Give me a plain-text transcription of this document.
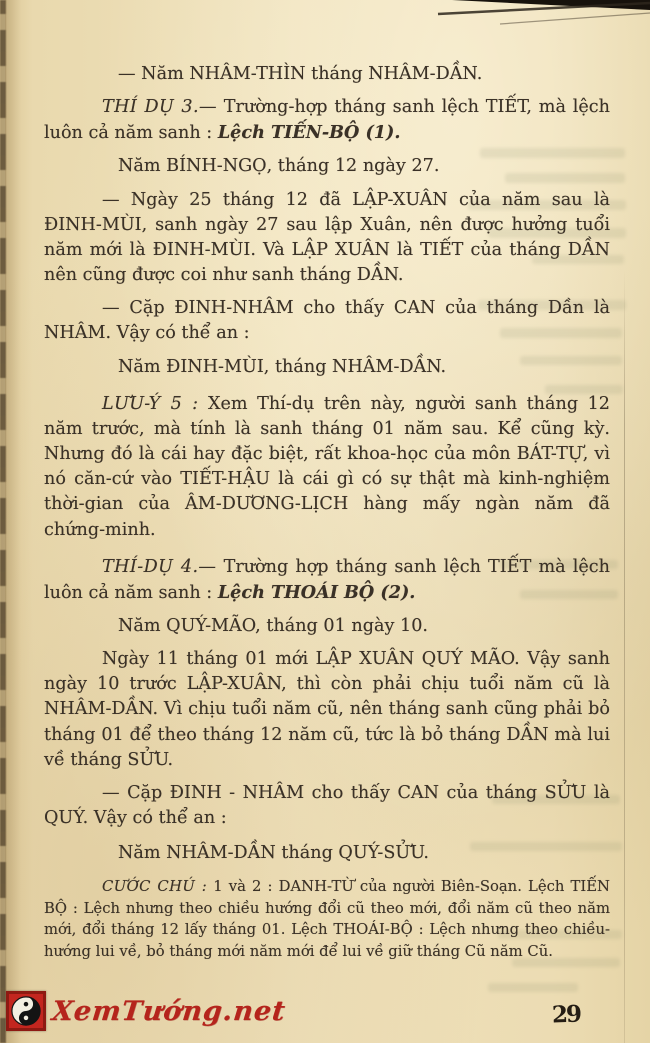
— Năm NHÂM-THÌN tháng NHÂM-DẦN.

THÍ DỤ 3.— Trường-hợp tháng sanh lệch TIẾT, mà lệch luôn cả năm sanh : Lệch TIẾN-BỘ (1).

Năm BÍNH-NGỌ, tháng 12 ngày 27.

— Ngày 25 tháng 12 đã LẬP-XUÂN của năm sau là ĐINH-MÙI, sanh ngày 27 sau lập Xuân, nên được hưởng tuổi năm mới là ĐINH-MÙI. Và LẬP XUÂN là TIẾT của tháng DẦN nên cũng được coi như sanh tháng DẦN.

— Cặp ĐINH-NHÂM cho thấy CAN của tháng Dần là NHÂM. Vậy có thể an :

Năm ĐINH-MÙI, tháng NHÂM-DẦN.

LƯU-Ý 5 : Xem Thí-dụ trên này, người sanh tháng 12 năm trước, mà tính là sanh tháng 01 năm sau. Kể cũng kỳ. Nhưng đó là cái hay đặc biệt, rất khoa-học của môn BÁT-TỰ, vì nó căn-cứ vào TIẾT-HẬU là cái gì có sự thật mà kinh-nghiệm thời-gian của ÂM-DƯƠNG-LỊCH hàng mấy ngàn năm đã chứng-minh.

THÍ-DỤ 4.— Trường hợp tháng sanh lệch TIẾT mà lệch luôn cả năm sanh : Lệch THOÁI BỘ (2).

Năm QUÝ-MÃO, tháng 01 ngày 10.

Ngày 11 tháng 01 mới LẬP XUÂN QUÝ MÃO. Vậy sanh ngày 10 trước LẬP-XUÂN, thì còn phải chịu tuổi năm cũ là NHÂM-DẦN. Vì chịu tuổi năm cũ, nên tháng sanh cũng phải bỏ tháng 01 để theo tháng 12 năm cũ, tức là bỏ tháng DẦN mà lui về tháng SỬU.

— Cặp ĐINH - NHÂM cho thấy CAN của tháng SỬU là QUÝ. Vậy có thể an :

Năm NHÂM-DẦN tháng QUÝ-SỬU.

CƯỚC CHÚ : 1 và 2 : DANH-TỪ của người Biên-Soạn. Lệch TIẾN BỘ : Lệch nhưng theo chiều hướng đổi cũ theo mới, đổi năm cũ theo năm mới, đổi tháng 12 lấy tháng 01. Lệch THOÁI-BỘ : Lệch nhưng theo chiều-hướng lui về, bỏ tháng mới năm mới để lui về giữ tháng Cũ năm Cũ.

XemTướng.net	29
